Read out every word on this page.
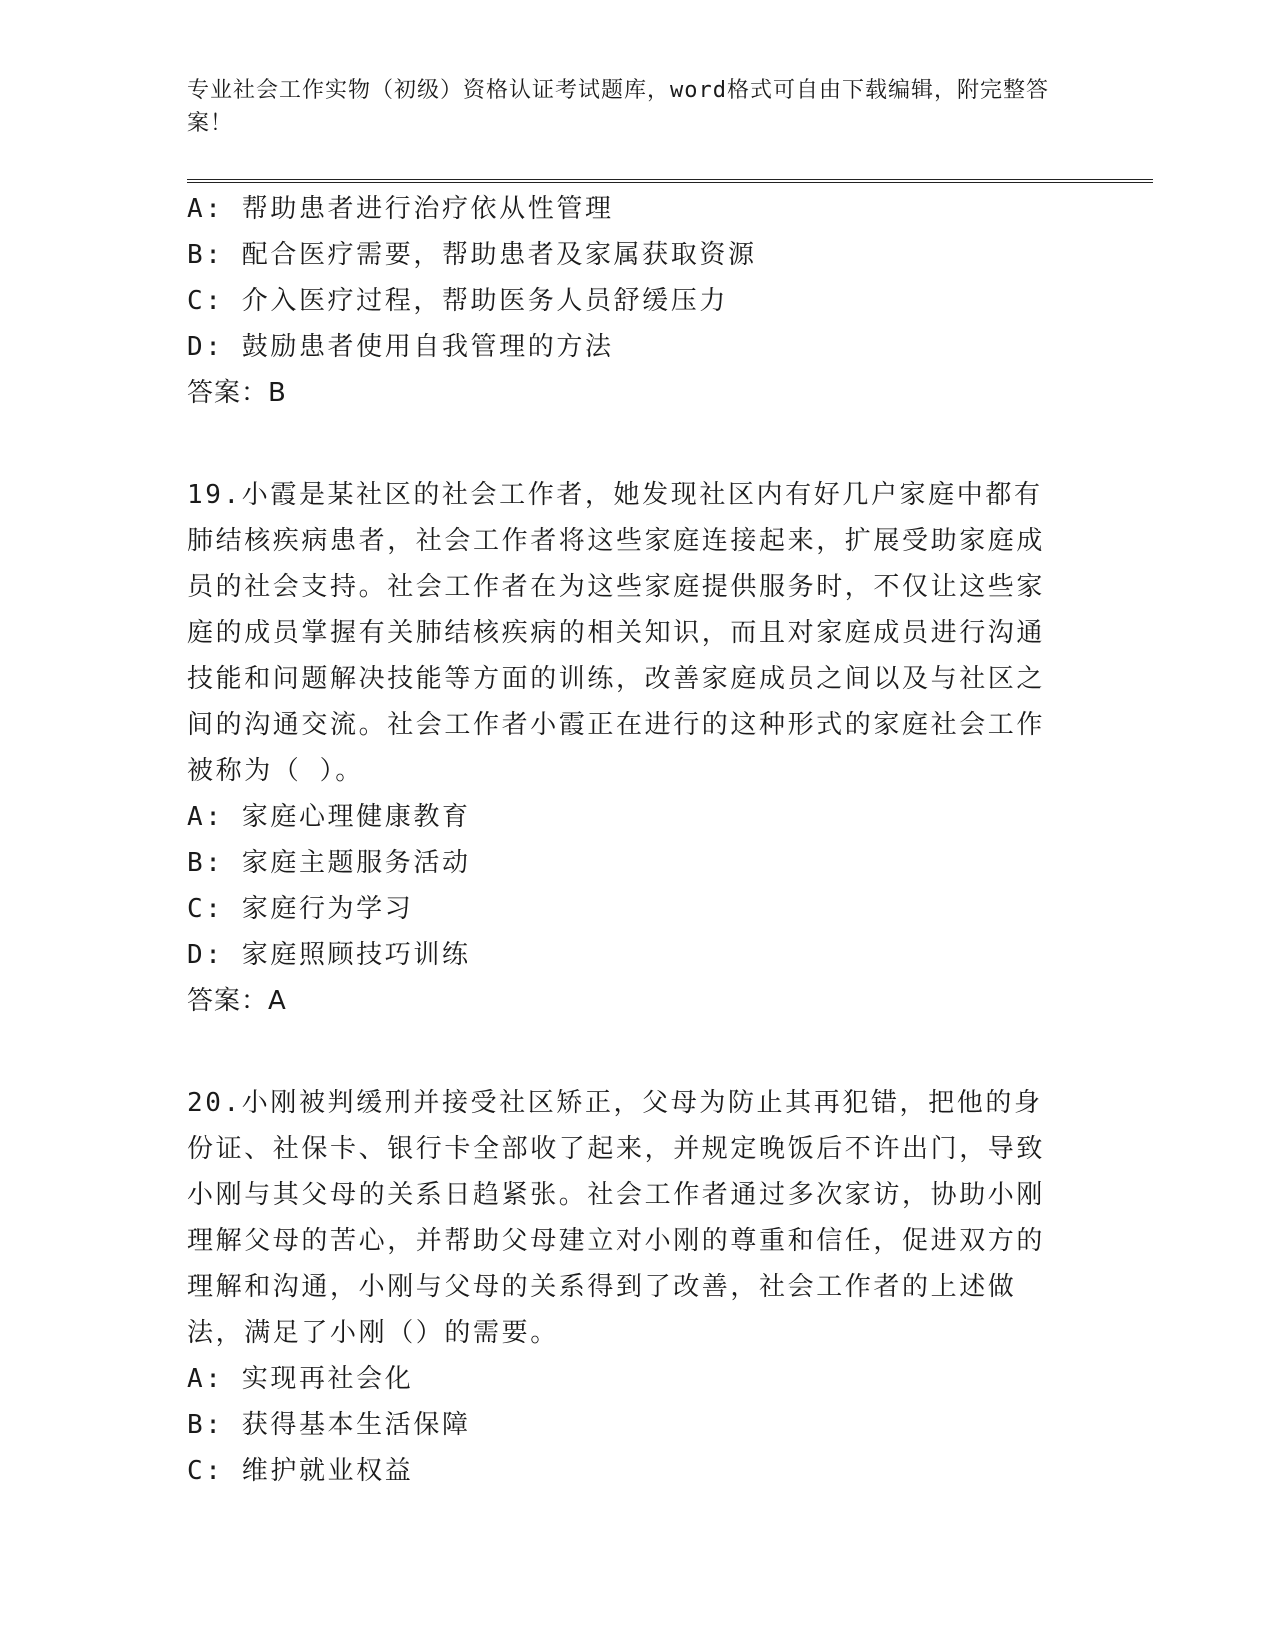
专业社会工作实物（初级）资格认证考试题库，word格式可自由下载编辑，附完整答案！
A: 帮助患者进行治疗依从性管理
B: 配合医疗需要，帮助患者及家属获取资源
C: 介入医疗过程，帮助医务人员舒缓压力
D: 鼓励患者使用自我管理的方法
答案：B
19.小霞是某社区的社会工作者，她发现社区内有好几户家庭中都有肺结核疾病患者，社会工作者将这些家庭连接起来，扩展受助家庭成员的社会支持。社会工作者在为这些家庭提供服务时，不仅让这些家庭的成员掌握有关肺结核疾病的相关知识，而且对家庭成员进行沟通技能和问题解决技能等方面的训练，改善家庭成员之间以及与社区之间的沟通交流。社会工作者小霞正在进行的这种形式的家庭社会工作被称为（ ）。
A: 家庭心理健康教育
B: 家庭主题服务活动
C: 家庭行为学习
D: 家庭照顾技巧训练
答案：A
20.小刚被判缓刑并接受社区矫正，父母为防止其再犯错，把他的身份证、社保卡、银行卡全部收了起来，并规定晚饭后不许出门，导致小刚与其父母的关系日趋紧张。社会工作者通过多次家访，协助小刚理解父母的苦心，并帮助父母建立对小刚的尊重和信任，促进双方的理解和沟通，小刚与父母的关系得到了改善，社会工作者的上述做法，满足了小刚（）的需要。
A: 实现再社会化
B: 获得基本生活保障
C: 维护就业权益
